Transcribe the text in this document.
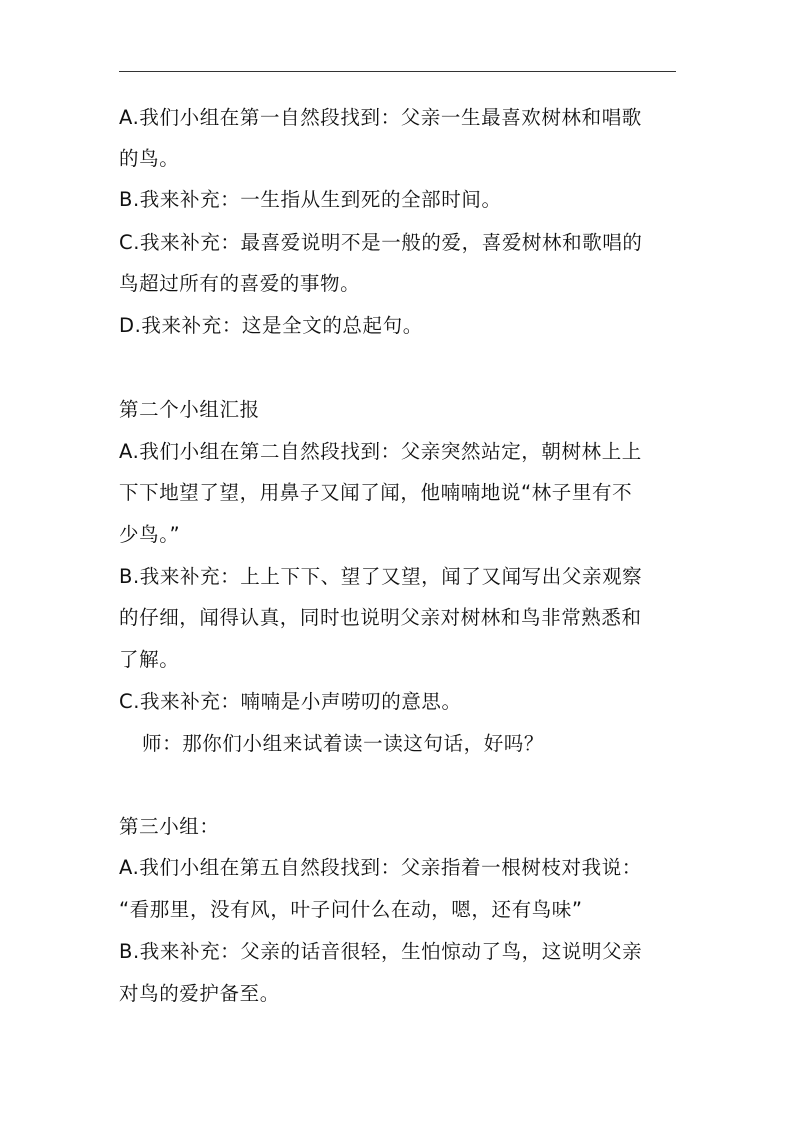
A.我们小组在第一自然段找到：父亲一生最喜欢树林和唱歌
的鸟。
B.我来补充：一生指从生到死的全部时间。
C.我来补充：最喜爱说明不是一般的爱，喜爱树林和歌唱的
鸟超过所有的喜爱的事物。
D.我来补充：这是全文的总起句。
第二个小组汇报
A.我们小组在第二自然段找到：父亲突然站定，朝树林上上
下下地望了望，用鼻子又闻了闻，他喃喃地说“林子里有不
少鸟。”
B.我来补充：上上下下、望了又望，闻了又闻写出父亲观察
的仔细，闻得认真，同时也说明父亲对树林和鸟非常熟悉和
了解。
C.我来补充：喃喃是小声唠叨的意思。
师：那你们小组来试着读一读这句话，好吗？
第三小组：
A.我们小组在第五自然段找到：父亲指着一根树枝对我说：
“看那里，没有风，叶子问什么在动，嗯，还有鸟味”
B.我来补充：父亲的话音很轻，生怕惊动了鸟，这说明父亲
对鸟的爱护备至。
